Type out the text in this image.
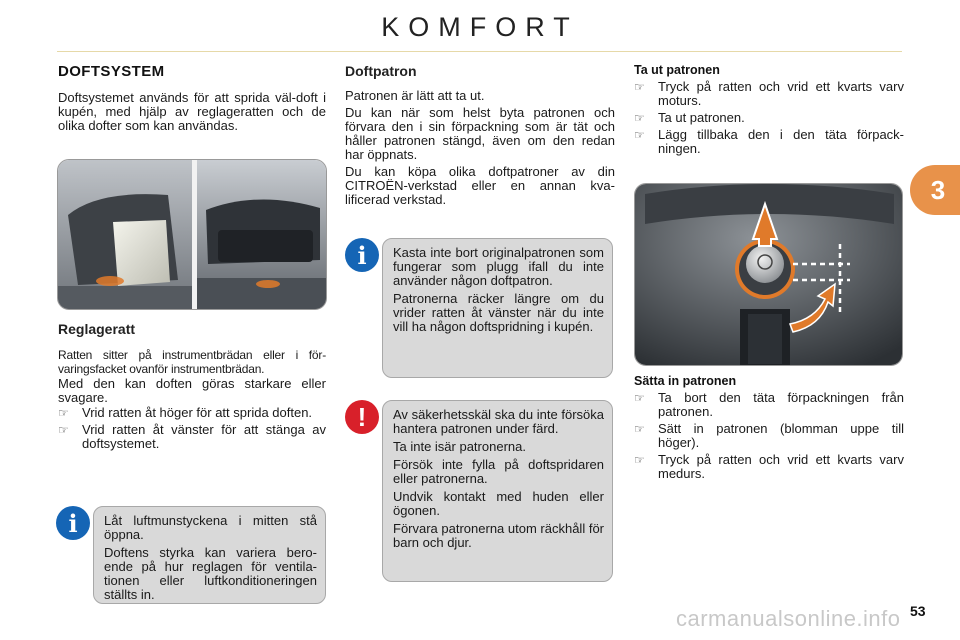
KOMFORT
3
DOFTSYSTEM
Doftsystemet används för att sprida väl-doft i kupén, med hjälp av reglageratten och de olika dofter som kan användas.
Reglageratt
Ratten sitter på instrumentbrädan eller i för-varingsfacket ovanför instrumentbrädan.
Med den kan doften göras starkare eller svagare.
☞ Vrid ratten åt höger för att sprida doften.
☞ Vrid ratten åt vänster för att stänga av doftsystemet.
i	Låt luftmunstyckena i mitten stå öppna.

Doftens styrka kan variera bero-ende på hur reglagen för ventila-tionen eller luftkonditioneringen ställts in.

Doftpatron

Patronen är lätt att ta ut.

Du kan när som helst byta patronen och förvara den i sin förpackning som är tät och håller patronen stängd, även om den redan har öppnats.

Du kan köpa olika doftpatroner av din CITROËN-verkstad eller en annan kva-lificerad verkstad.

i	Kasta inte bort originalpatronen som fungerar som plugg ifall du inte använder någon doftpatron.

Patronerna räcker längre om du vrider ratten åt vänster när du inte vill ha någon doftspridning i kupén.

!	Av säkerhetsskäl ska du inte försöka hantera patronen under färd.

Ta inte isär patronerna.

Försök inte fylla på doftspridaren eller patronerna.

Undvik kontakt med huden eller ögonen.

Förvara patronerna utom räckhåll för barn och djur.

Ta ut patronen
☞ Tryck på ratten och vrid ett kvarts varv moturs.
☞ Ta ut patronen.
☞ Lägg tillbaka den i den täta förpack-ningen.
Sätta in patronen
☞ Ta bort den täta förpackningen från patronen.
☞ Sätt in patronen (blomman uppe till höger).
☞ Tryck på ratten och vrid ett kvarts varv medurs.
carmanualsonline.info 53
